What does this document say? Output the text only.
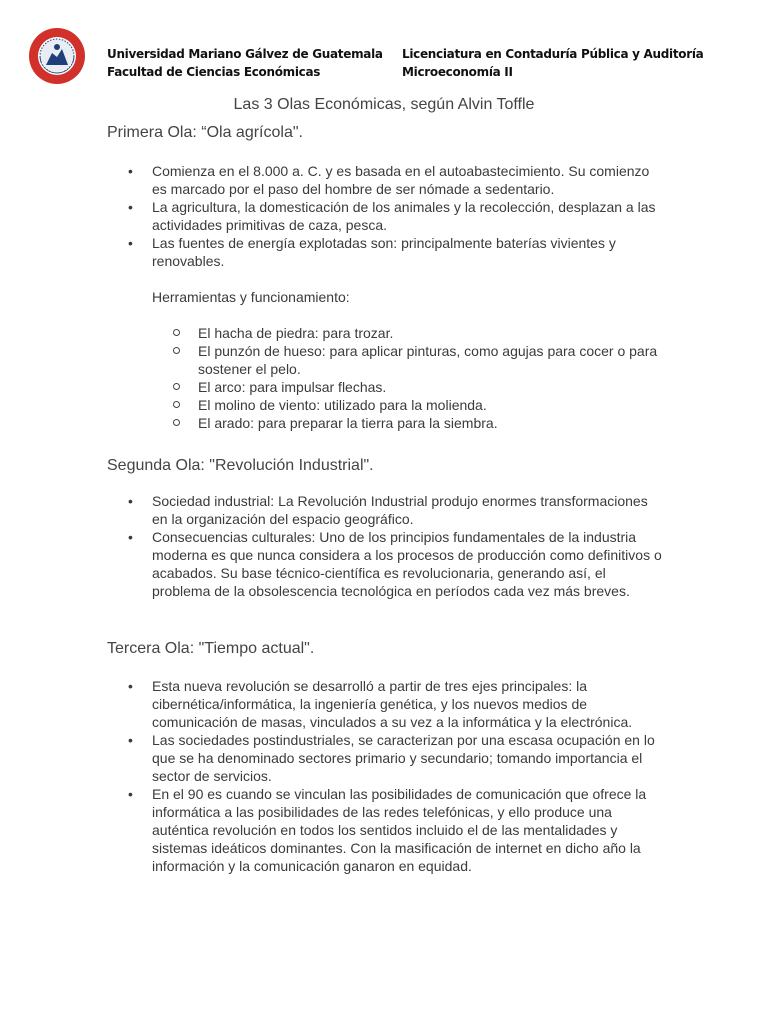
Universidad Mariano Gálvez de Guatemala
Facultad de Ciencias Económicas
Licenciatura en Contaduría Pública y Auditoría
Microeconomía II
Las 3 Olas Económicas, según Alvin Toffle
Primera Ola: “Ola agrícola".
• Comienza en el 8.000 a. C. y es basada en el autoabastecimiento. Su comienzo es marcado por el paso del hombre de ser nómade a sedentario.
• La agricultura, la domesticación de los animales y la recolección, desplazan a las actividades primitivas de caza, pesca.
• Las fuentes de energía explotadas son: principalmente baterías vivientes y renovables.
Herramientas y funcionamiento:
El hacha de piedra: para trozar.
El punzón de hueso: para aplicar pinturas, como agujas para cocer o para sostener el pelo.
El arco: para impulsar flechas.
El molino de viento: utilizado para la molienda.
El arado: para preparar la tierra para la siembra.
Segunda Ola: "Revolución Industrial".
• Sociedad industrial: La Revolución Industrial produjo enormes transformaciones en la organización del espacio geográfico.
• Consecuencias culturales: Uno de los principios fundamentales de la industria moderna es que nunca considera a los procesos de producción como definitivos o acabados. Su base técnico-científica es revolucionaria, generando así, el problema de la obsolescencia tecnológica en períodos cada vez más breves.
Tercera Ola: "Tiempo actual".
• Esta nueva revolución se desarrolló a partir de tres ejes principales: la cibernética/informática, la ingeniería genética, y los nuevos medios de comunicación de masas, vinculados a su vez a la informática y la electrónica.
• Las sociedades postindustriales, se caracterizan por una escasa ocupación en lo que se ha denominado sectores primario y secundario; tomando importancia el sector de servicios.
• En el 90 es cuando se vinculan las posibilidades de comunicación que ofrece la informática a las posibilidades de las redes telefónicas, y ello produce una auténtica revolución en todos los sentidos incluido el de las mentalidades y sistemas ideáticos dominantes. Con la masificación de internet en dicho año la información y la comunicación ganaron en equidad.
